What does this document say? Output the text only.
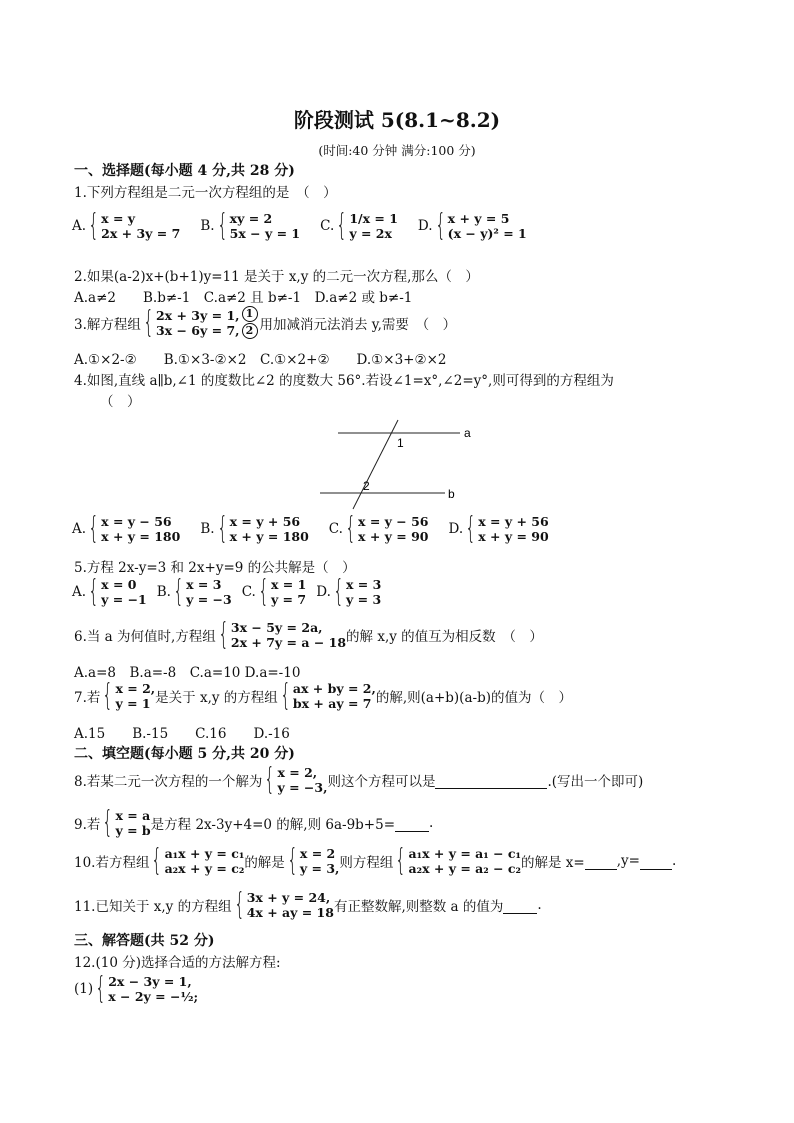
阶段测试 5(8.1~8.2)
(时间:40 分钟 满分:100 分)
一、选择题(每小题 4 分,共 28 分)
1.下列方程组是二元一次方程组的是　（　）
A. { x = y
2x + 3y = 7 B. { xy = 2
5x − y = 1 C. { 1/x = 1
y = 2x	D. { x + y = 5
(x − y)² = 1
2.如果(a-2)x+(b+1)y=11 是关于 x,y 的二元一次方程,那么（　）
A.a≠2　　B.b≠-1　C.a≠2 且 b≠-1　D.a≠2 或 b≠-1
3.解方程组 { 2x + 3y = 1,
3x − 6y = 7,
1
2 用加减消元法消去 y,需要　（　）
A.①×2-②　　B.①×3-②×2　C.①×2+②　　D.①×3+②×2
4.如图,直线 a∥b,∠1 的度数比∠2 的度数大 56°.若设∠1=x°,∠2=y°,则可得到的方程组为
（　）
a
b
1
2
A. { x = y − 56
x + y = 180 B. { x = y + 56
x + y = 180 C. { x = y − 56
x + y = 90 D. { x = y + 56
x + y = 90
5.方程 2x-y=3 和 2x+y=9 的公共解是（　）
A. { x = 0
y = −1 B. { x = 3
y = −3 C. { x = 1
y = 7 D. { x = 3
y = 3
6.当 a 为何值时,方程组 { 3x − 5y = 2a,
2x + 7y = a − 18 的解 x,y 的值互为相反数　（　）
A.a=8　B.a=-8　C.a=10 D.a=-10
7.若 { x = 2,
y = 1 是关于 x,y 的方程组 { ax + by = 2,
bx + ay = 7 的解,则(a+b)(a-b)的值为（　）
A.15　　B.-15　　C.16　　D.-16
二、填空题(每小题 5 分,共 20 分)
8.若某二元一次方程的一个解为 { x = 2,
y = −3, 则这个方程可以是	.(写出一个即可)
9.若 { x = a
y = b 是方程 2x-3y+4=0 的解,则 6a-9b+5=	.
10.若方程组 { a₁x + y = c₁
a₂x + y = c₂ 的解是 { x = 2
y = 3, 则方程组 { a₁x + y = a₁ − c₁
a₂x + y = a₂ − c₂ 的解是 x= ,y= .
11.已知关于 x,y 的方程组 { 3x + y = 24,
4x + ay = 18 有正整数解,则整数 a 的值为	.
三、解答题(共 52 分)
12.(10 分)选择合适的方法解方程:
(1) { 2x − 3y = 1,
x − 2y = −½;
